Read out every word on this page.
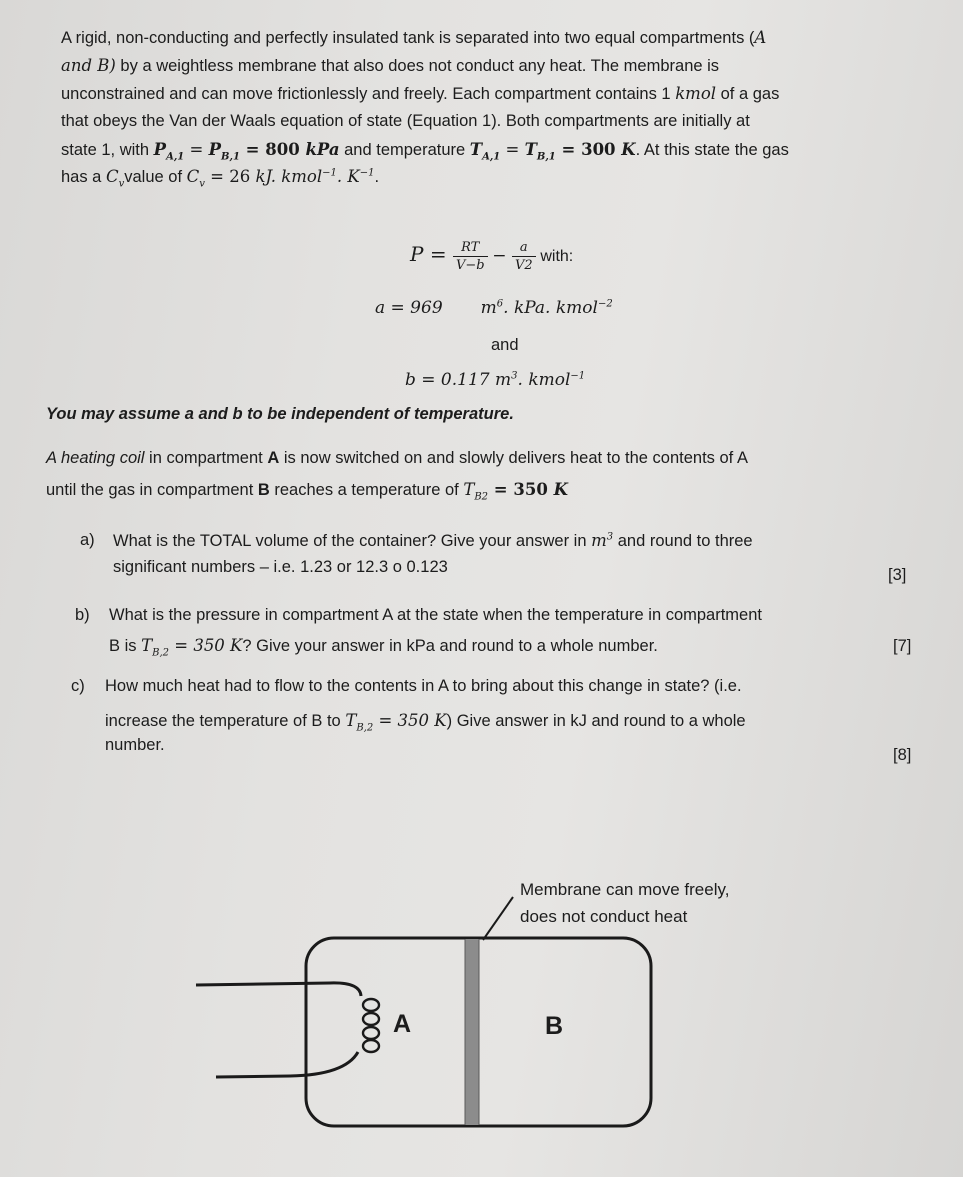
A rigid, non-conducting and perfectly insulated tank is separated into two equal compartments (A
and B) by a weightless membrane that also does not conduct any heat. The membrane is
unconstrained and can move frictionlessly and freely. Each compartment contains 1 kmol of a gas
that obeys the Van der Waals equation of state (Equation 1). Both compartments are initially at
state 1, with $P_{A,1} = P_{B,1} = 800$ kPa and temperature $T_{A,1} = T_{B,1} = 300$ K. At this state the gas
has a $C_vvalue$ of $C_v = 26$ kJ. kmol$^{-1}$. $K^{-1}$.
$P = \frac{RT}{V-b} - \frac{a}{V2}$ with:
a = 969 $m^6$. kPa. kmol$^{-2}$
and
b = 0.117 $m^3$. kmol$^{-1}$
You may assume a and b to be independent of temperature.
A heating coil in compartment A is now switched on and slowly delivers heat to the contents of A
until the gas in compartment B reaches a temperature of $T_{B2} = 350$ K
a) What is the TOTAL volume of the container? Give your answer in $m^3$ and round to three
significant numbers – i.e. 1.23 or 12.3 o 0.123	[3]
b) What is the pressure in compartment A at the state when the temperature in compartment
B is $T_{B,2} = 350$ K? Give your answer in kPa and round to a whole number.	[7]
c) How much heat had to flow to the contents in A to bring about this change in state? (i.e.
increase the temperature of B to $T_{B,2} = 350$ K) Give answer in kJ and round to a whole
number.
[8]
Membrane can move freely,
does not conduct heat
A	B
